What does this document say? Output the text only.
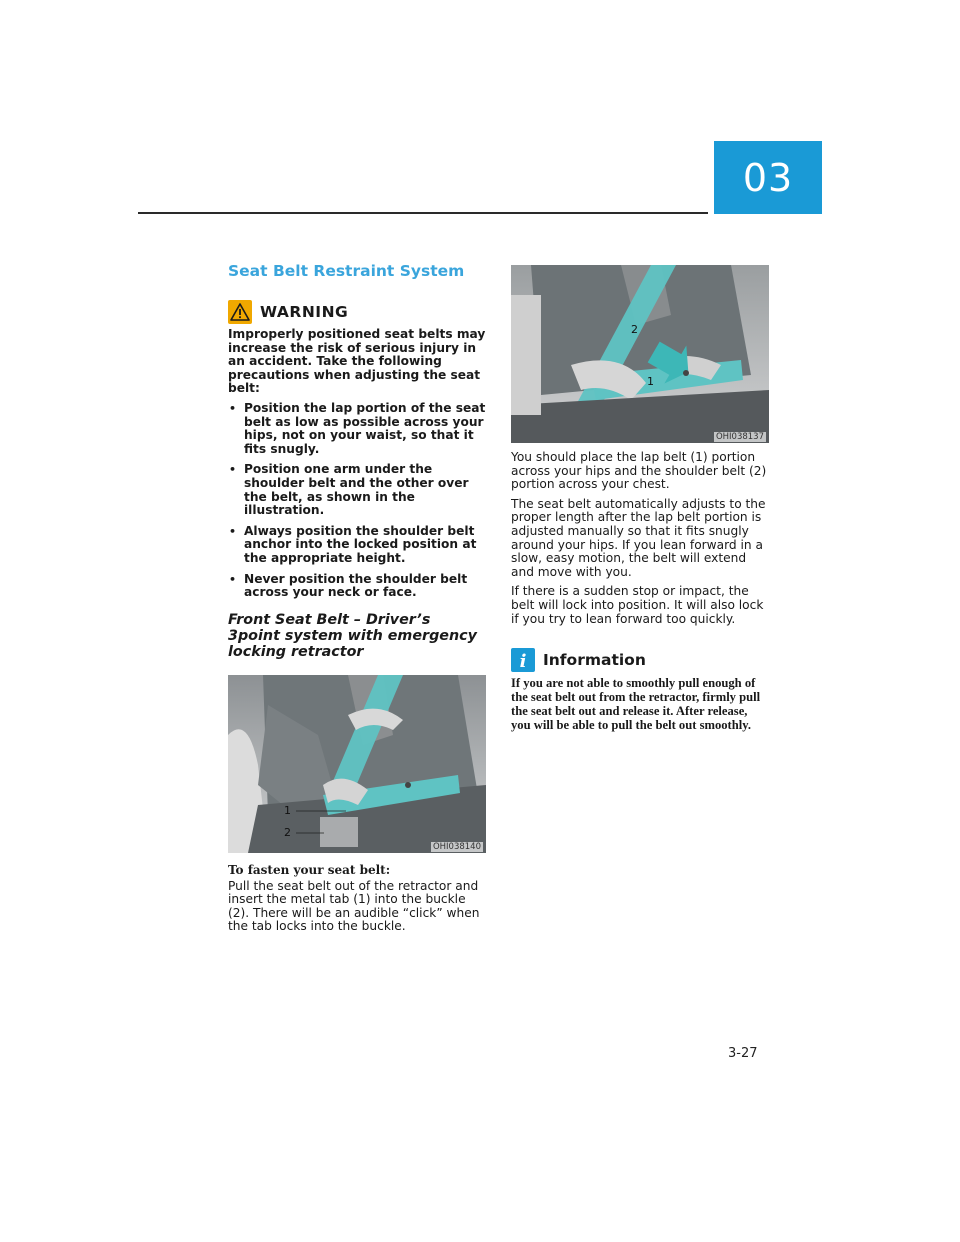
03
Seat Belt Restraint System
WARNING

Improperly positioned seat belts may increase the risk of serious injury in an accident. Take the following precautions when adjusting the seat belt:

• Position the lap portion of the seat belt as low as possible across your hips, not on your waist, so that it fits snugly.
• Position one arm under the shoulder belt and the other over the belt, as shown in the illustration.
• Always position the shoulder belt anchor into the locked position at the appropriate height.
• Never position the shoulder belt across your neck or face.
Front Seat Belt – Driver’s 3point system with emergency locking retractor
1
2
OHI038140
To fasten your seat belt:

Pull the seat belt out of the retractor and insert the metal tab (1) into the buckle (2). There will be an audible “click” when the tab locks into the buckle.

2
1
OHI038137

You should place the lap belt (1) portion across your hips and the shoulder belt (2) portion across your chest.

The seat belt automatically adjusts to the proper length after the lap belt portion is adjusted manually so that it fits snugly around your hips. If you lean forward in a slow, easy motion, the belt will extend and move with you.

If there is a sudden stop or impact, the belt will lock into position. It will also lock if you try to lean forward too quickly.

i Information

If you are not able to smoothly pull enough of the seat belt out from the retractor, firmly pull the seat belt out and release it. After release, you will be able to pull the belt out smoothly.

3-27
